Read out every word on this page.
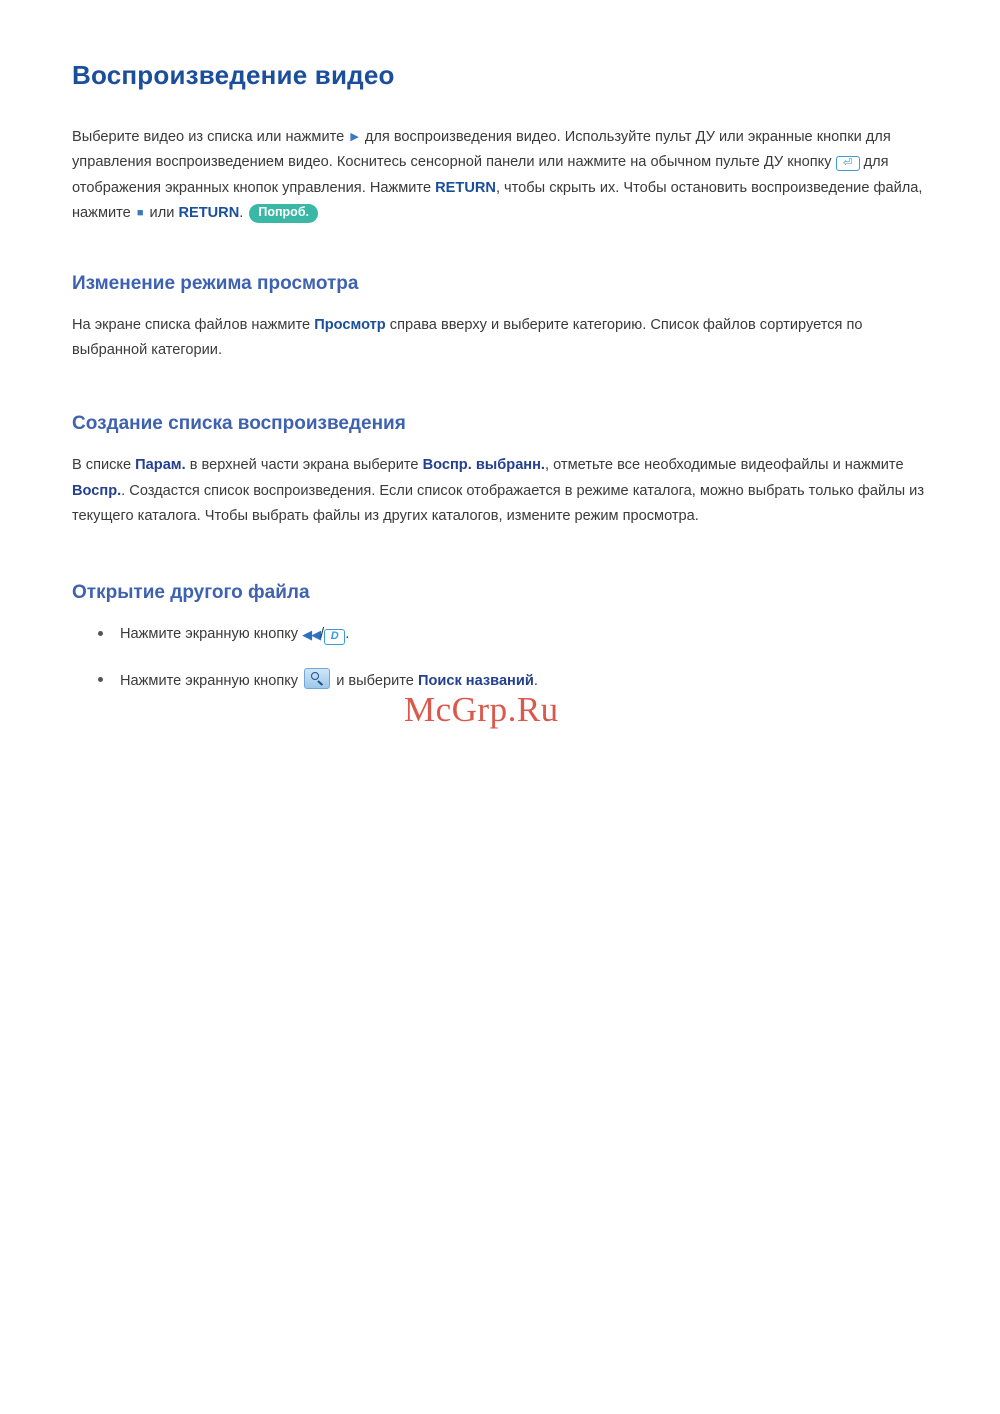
Воспроизведение видео

Выберите видео из списка или нажмите ▶ для воспроизведения видео. Используйте пульт ДУ или экранные кнопки для управления воспроизведением видео. Коснитесь сенсорной панели или нажмите на обычном пульте ДУ кнопку ⏎ для отображения экранных кнопок управления. Нажмите RETURN, чтобы скрыть их. Чтобы остановить воспроизведение файла, нажмите ■ или RETURN. Попроб.

Изменение режима просмотра

На экране списка файлов нажмите Просмотр справа вверху и выберите категорию. Список файлов сортируется по выбранной категории.

Создание списка воспроизведения

В списке Парам. в верхней части экрана выберите Воспр. выбранн., отметьте все необходимые видеофайлы и нажмите Воспр.. Создастся список воспроизведения. Если список отображается в режиме каталога, можно выбрать только файлы из текущего каталога. Чтобы выбрать файлы из других каталогов, измените режим просмотра.

Открытие другого файла
Нажмите экранную кнопку ◀◀/ D .
Нажмите экранную кнопку	и выберите Поиск названий.
McGrp.Ru
